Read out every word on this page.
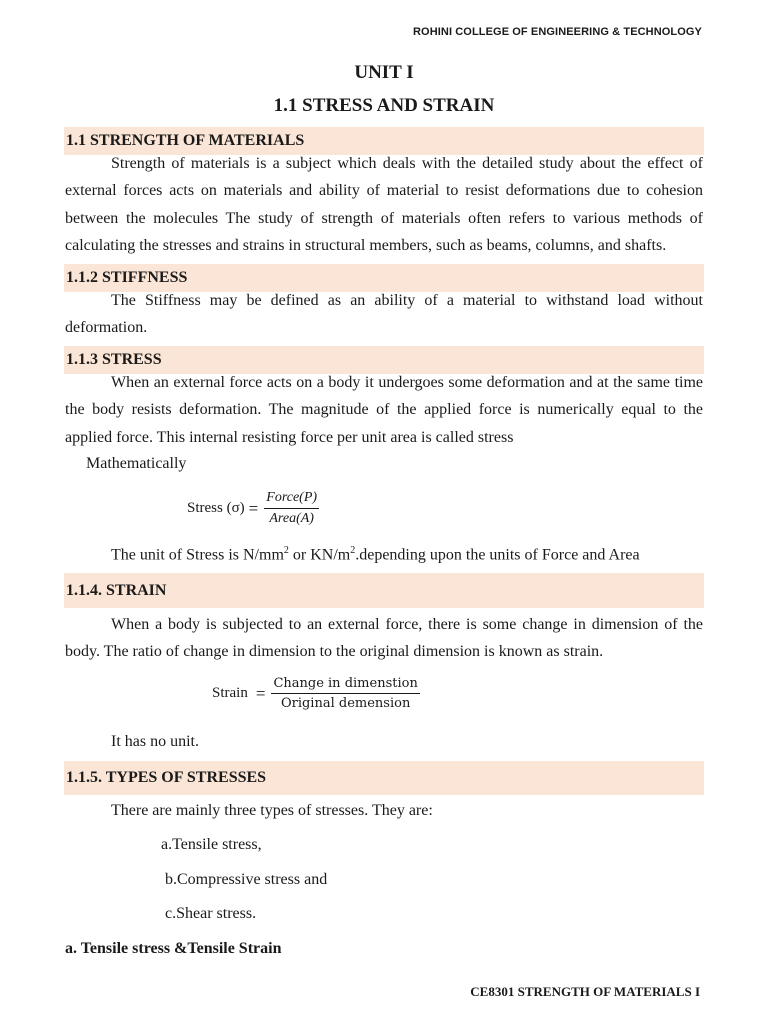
ROHINI COLLEGE OF ENGINEERING & TECHNOLOGY
UNIT I
1.1 STRESS AND STRAIN
1.1 STRENGTH OF MATERIALS

Strength of materials is a subject which deals with the detailed study about the effect of external forces acts on materials and ability of material to resist deformations due to cohesion between the molecules The study of strength of materials often refers to various methods of calculating the stresses and strains in structural members, such as beams, columns, and shafts.

1.1.2 STIFFNESS

The Stiffness may be defined as an ability of a material to withstand load without deformation.

1.1.3 STRESS

When an external force acts on a body it undergoes some deformation and at the same time the body resists deformation. The magnitude of the applied force is numerically equal to the applied force. This internal resisting force per unit area is called stress

Mathematically
Stress $(\sigma) = \frac{\text{Force(P)}}{\text{Area(A)}}$
The unit of Stress is $N/mm^2$ or $KN/m^2.depending$ upon the units of Force and Area
1.1.4. STRAIN

When a body is subjected to an external force, there is some change in dimension of the body. The ratio of change in dimension to the original dimension is known as strain.

Strain = $\frac{\text{Change in dimenstion}}{\text{Original demension}}$
It has no unit.
1.1.5. TYPES OF STRESSES
There are mainly three types of stresses. They are:
a.Tensile stress,
b.Compressive stress and
c.Shear stress.
a. Tensile stress &Tensile Strain
CE8301 STRENGTH OF MATERIALS I
